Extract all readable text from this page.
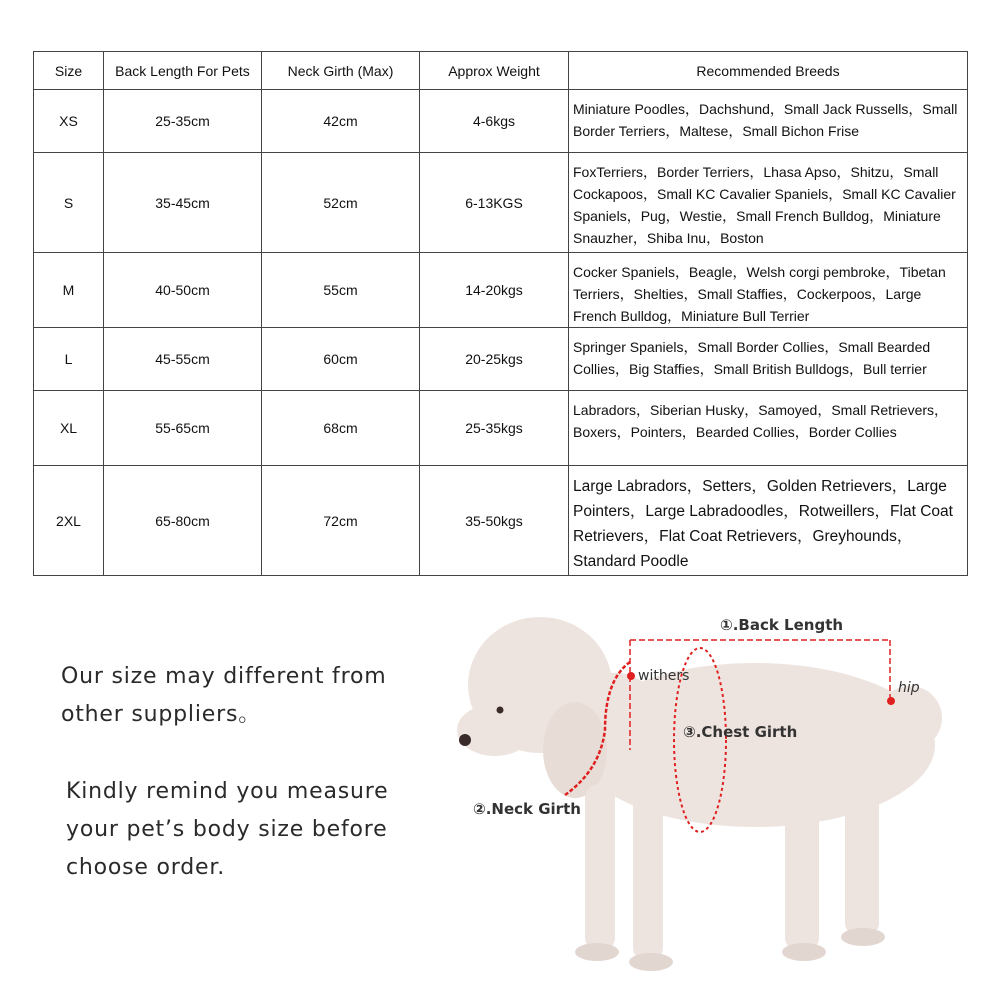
Size	Back Length For Pets	Neck Girth (Max)	Approx Weight	Recommended Breeds
XS	25-35cm	42cm	4-6kgs	Miniature Poodles，Dachshund，Small Jack Russells，Small Border Terriers，Maltese，Small Bichon Frise

S	35-45cm	52cm	6-13KGS	FoxTerriers，Border Terriers，Lhasa Apso，Shitzu，Small Cockapoos，Small KC Cavalier Spaniels，Small KC Cavalier Spaniels，Pug，Westie，Small French Bulldog，Miniature Snauzher，Shiba Inu，Boston

M	40-50cm	55cm	14-20kgs	Cocker Spaniels，Beagle，Welsh corgi pembroke，Tibetan Terriers，Shelties，Small Staffies，Cockerpoos，Large French Bulldog，Miniature Bull Terrier

L	45-55cm	60cm	20-25kgs	Springer Spaniels，Small Border Collies，Small Bearded Collies，Big Staffies，Small British Bulldogs，Bull terrier

XL	55-65cm	68cm	25-35kgs	Labradors，Siberian Husky，Samoyed，Small Retrievers，Boxers，Pointers，Bearded Collies，Border Collies

2XL	65-80cm	72cm	35-50kgs	Large Labradors，Setters，Golden Retrievers，Large Pointers，Large Labradoodles，Rotweillers，Flat Coat Retrievers，Flat Coat Retrievers，Greyhounds，Standard Poodle
Our size may different from other suppliers。
Kindly remind you measure your pet’s body size before choose order.
①.Back Length
withers
③.Chest Girth
②.Neck Girth
hip
